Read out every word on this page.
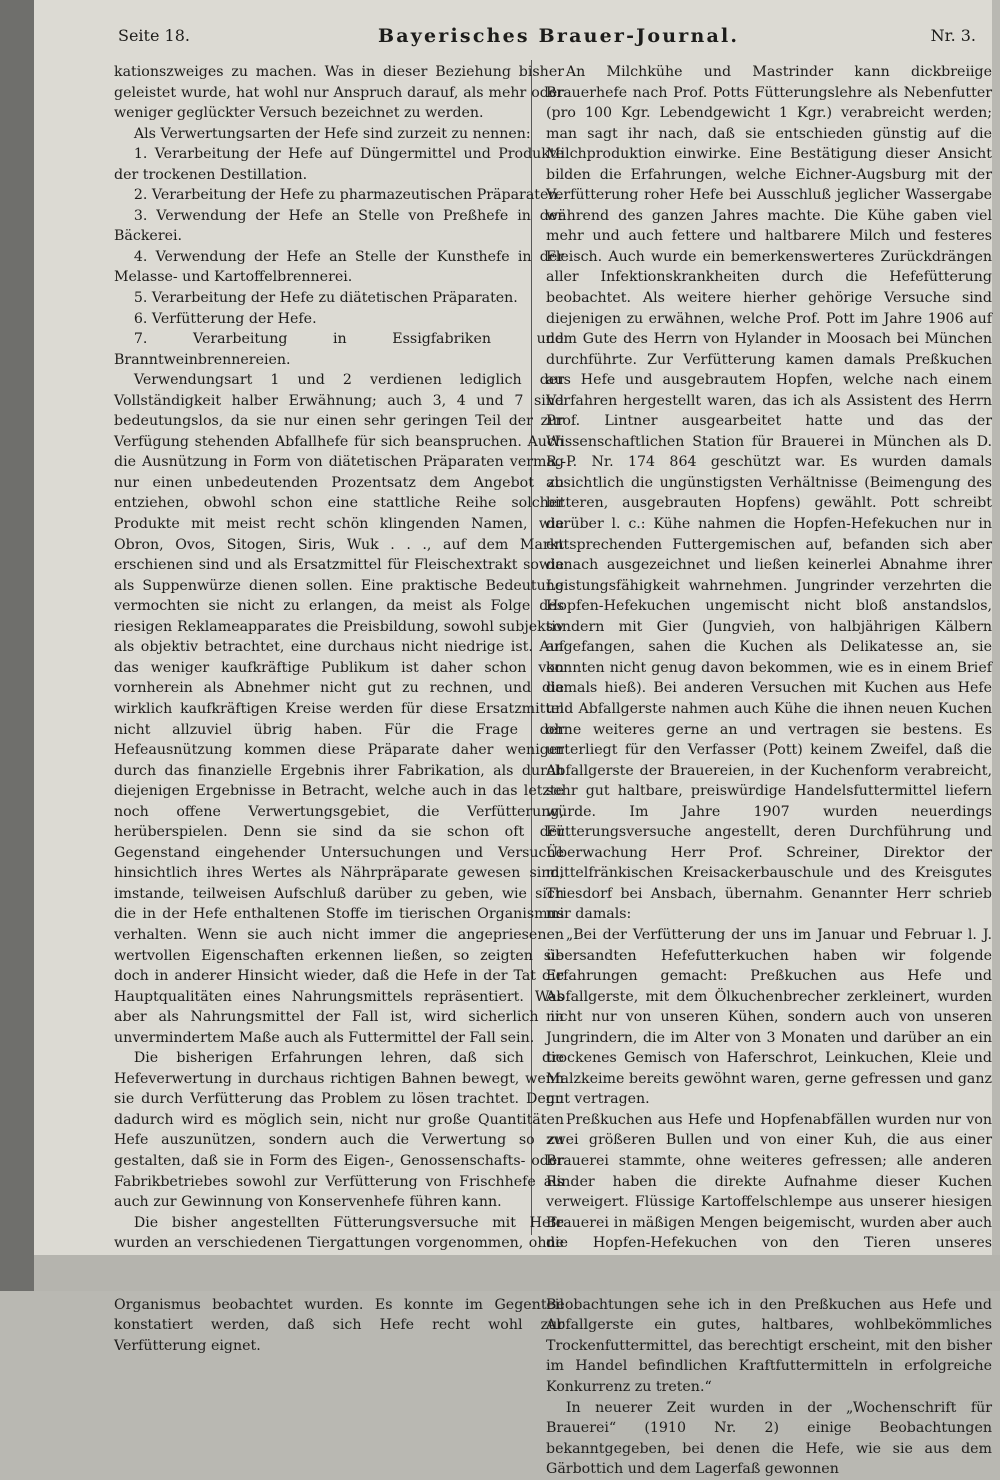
Seite 18.	Bayerisches Brauer-Journal.	Nr. 3.

kationszweiges zu machen. Was in dieser Beziehung bisher geleistet wurde, hat wohl nur Anspruch darauf, als mehr oder weniger geglückter Versuch bezeichnet zu werden.

Als Verwertungsarten der Hefe sind zurzeit zu nennen:

1. Verarbeitung der Hefe auf Düngermittel und Produkte der trockenen Destillation.

2. Verarbeitung der Hefe zu pharmazeutischen Präparaten.

3. Verwendung der Hefe an Stelle von Preßhefe in der Bäckerei.

4. Verwendung der Hefe an Stelle der Kunsthefe in der Melasse- und Kartoffelbrennerei.

5. Verarbeitung der Hefe zu diätetischen Präparaten.

6. Verfütterung der Hefe.

7. Verarbeitung in Essigfabriken und Branntweinbrennereien.

Verwendungsart 1 und 2 verdienen lediglich der Vollständigkeit halber Erwähnung; auch 3, 4 und 7 sind bedeutungslos, da sie nur einen sehr geringen Teil der zur Verfügung stehenden Abfallhefe für sich beanspruchen. Auch die Ausnützung in Form von diätetischen Präparaten vermag nur einen unbedeutenden Prozentsatz dem Angebot zu entziehen, obwohl schon eine stattliche Reihe solcher Produkte mit meist recht schön klingenden Namen, wie Obron, Ovos, Sitogen, Siris, Wuk . . ., auf dem Markt erschienen sind und als Ersatzmittel für Fleischextrakt sowie als Suppenwürze dienen sollen. Eine praktische Bedeutung vermochten sie nicht zu erlangen, da meist als Folge des riesigen Reklameapparates die Preisbildung, sowohl subjektiv als objektiv betrachtet, eine durchaus nicht niedrige ist. Auf das weniger kaufkräftige Publikum ist daher schon von vornherein als Abnehmer nicht gut zu rechnen, und die wirklich kaufkräftigen Kreise werden für diese Ersatzmittel nicht allzuviel übrig haben. Für die Frage der Hefeausnützung kommen diese Präparate daher weniger durch das finanzielle Ergebnis ihrer Fabrikation, als durch diejenigen Ergebnisse in Betracht, welche auch in das letzte noch offene Verwertungsgebiet, die Verfütterung, herüberspielen. Denn sie sind da sie schon oft der Gegenstand eingehender Untersuchungen und Versuche hinsichtlich ihres Wertes als Nährpräparate gewesen sind, imstande, teilweisen Aufschluß darüber zu geben, wie sich die in der Hefe enthaltenen Stoffe im tierischen Organismus verhalten. Wenn sie auch nicht immer die angepriesenen wertvollen Eigenschaften erkennen ließen, so zeigten sie doch in anderer Hinsicht wieder, daß die Hefe in der Tat die Hauptqualitäten eines Nahrungsmittels repräsentiert. Was aber als Nahrungsmittel der Fall ist, wird sicherlich in unvermindertem Maße auch als Futtermittel der Fall sein.

Die bisherigen Erfahrungen lehren, daß sich die Hefeverwertung in durchaus richtigen Bahnen bewegt, wenn sie durch Verfütterung das Problem zu lösen trachtet. Denn dadurch wird es möglich sein, nicht nur große Quantitäten Hefe auszunützen, sondern auch die Verwertung so zu gestalten, daß sie in Form des Eigen-, Genossenschafts- oder Fabrikbetriebes sowohl zur Verfütterung von Frischhefe als auch zur Gewinnung von Konservenhefe führen kann.

Die bisher angestellten Fütterungsversuche mit Hefe wurden an verschiedenen Tiergattungen vorgenommen, ohne daß es jemals vorgekommen wäre, daß durch die Bierbereitung unverdorbener, abgetöteter Hefe Störungen im Organismus beobachtet wurden. Es konnte im Gegenteil konstatiert werden, daß sich Hefe recht wohl zur Verfütterung eignet.

An Milchkühe und Mastrinder kann dickbreiige Brauerhefe nach Prof. Potts Fütterungslehre als Nebenfutter (pro 100 Kgr. Lebendgewicht 1 Kgr.) verabreicht werden; man sagt ihr nach, daß sie entschieden günstig auf die Milchproduktion einwirke. Eine Bestätigung dieser Ansicht bilden die Erfahrungen, welche Eichner-Augsburg mit der Verfütterung roher Hefe bei Ausschluß jeglicher Wassergabe während des ganzen Jahres machte. Die Kühe gaben viel mehr und auch fettere und haltbarere Milch und festeres Fleisch. Auch wurde ein bemerkenswerteres Zurückdrängen aller Infektionskrankheiten durch die Hefefütterung beobachtet. Als weitere hierher gehörige Versuche sind diejenigen zu erwähnen, welche Prof. Pott im Jahre 1906 auf dem Gute des Herrn von Hylander in Moosach bei München durchführte. Zur Verfütterung kamen damals Preßkuchen aus Hefe und ausgebrautem Hopfen, welche nach einem Verfahren hergestellt waren, das ich als Assistent des Herrn Prof. Lintner ausgearbeitet hatte und das der Wissenschaftlichen Station für Brauerei in München als D. R.-P. Nr. 174 864 geschützt war. Es wurden damals absichtlich die ungünstigsten Verhältnisse (Beimengung des bitteren, ausgebrauten Hopfens) gewählt. Pott schreibt darüber l. c.: Kühe nahmen die Hopfen-Hefekuchen nur in entsprechenden Futtergemischen auf, befanden sich aber danach ausgezeichnet und ließen keinerlei Abnahme ihrer Leistungsfähigkeit wahrnehmen. Jungrinder verzehrten die Hopfen-Hefekuchen ungemischt nicht bloß anstandslos, sondern mit Gier (Jungvieh, von halbjährigen Kälbern angefangen, sahen die Kuchen als Delikatesse an, sie konnten nicht genug davon bekommen, wie es in einem Brief damals hieß). Bei anderen Versuchen mit Kuchen aus Hefe und Abfallgerste nahmen auch Kühe die ihnen neuen Kuchen ohne weiteres gerne an und vertragen sie bestens. Es unterliegt für den Verfasser (Pott) keinem Zweifel, daß die Abfallgerste der Brauereien, in der Kuchenform verabreicht, sehr gut haltbare, preiswürdige Handelsfuttermittel liefern würde. Im Jahre 1907 wurden neuerdings Fütterungsversuche angestellt, deren Durchführung und Überwachung Herr Prof. Schreiner, Direktor der mittelfränkischen Kreisackerbauschule und des Kreisgutes Triesdorf bei Ansbach, übernahm. Genannter Herr schrieb mir damals:

„Bei der Verfütterung der uns im Januar und Februar l. J. übersandten Hefefutterkuchen haben wir folgende Erfahrungen gemacht: Preßkuchen aus Hefe und Abfallgerste, mit dem Ölkuchenbrecher zerkleinert, wurden nicht nur von unseren Kühen, sondern auch von unseren Jungrindern, die im Alter von 3 Monaten und darüber an ein trockenes Gemisch von Haferschrot, Leinkuchen, Kleie und Malzkeime bereits gewöhnt waren, gerne gefressen und ganz gut vertragen.

Preßkuchen aus Hefe und Hopfenabfällen wurden nur von zwei größeren Bullen und von einer Kuh, die aus einer Brauerei stammte, ohne weiteres gefressen; alle anderen Rinder haben die direkte Aufnahme dieser Kuchen verweigert. Flüssige Kartoffelschlempe aus unserer hiesigen Brauerei in mäßigen Mengen beigemischt, wurden aber auch die Hopfen-Hefekuchen von den Tieren unseres Großviehstalles (Kuhstall) aufgenommen und anscheinend gut vertragen. Auf Grund der hier gemachten Beobachtungen sehe ich in den Preßkuchen aus Hefe und Abfallgerste ein gutes, haltbares, wohlbekömmliches Trockenfuttermittel, das berechtigt erscheint, mit den bisher im Handel befindlichen Kraftfuttermitteln in erfolgreiche Konkurrenz zu treten.“

In neuerer Zeit wurden in der „Wochenschrift für Brauerei“ (1910 Nr. 2) einige Beobachtungen
